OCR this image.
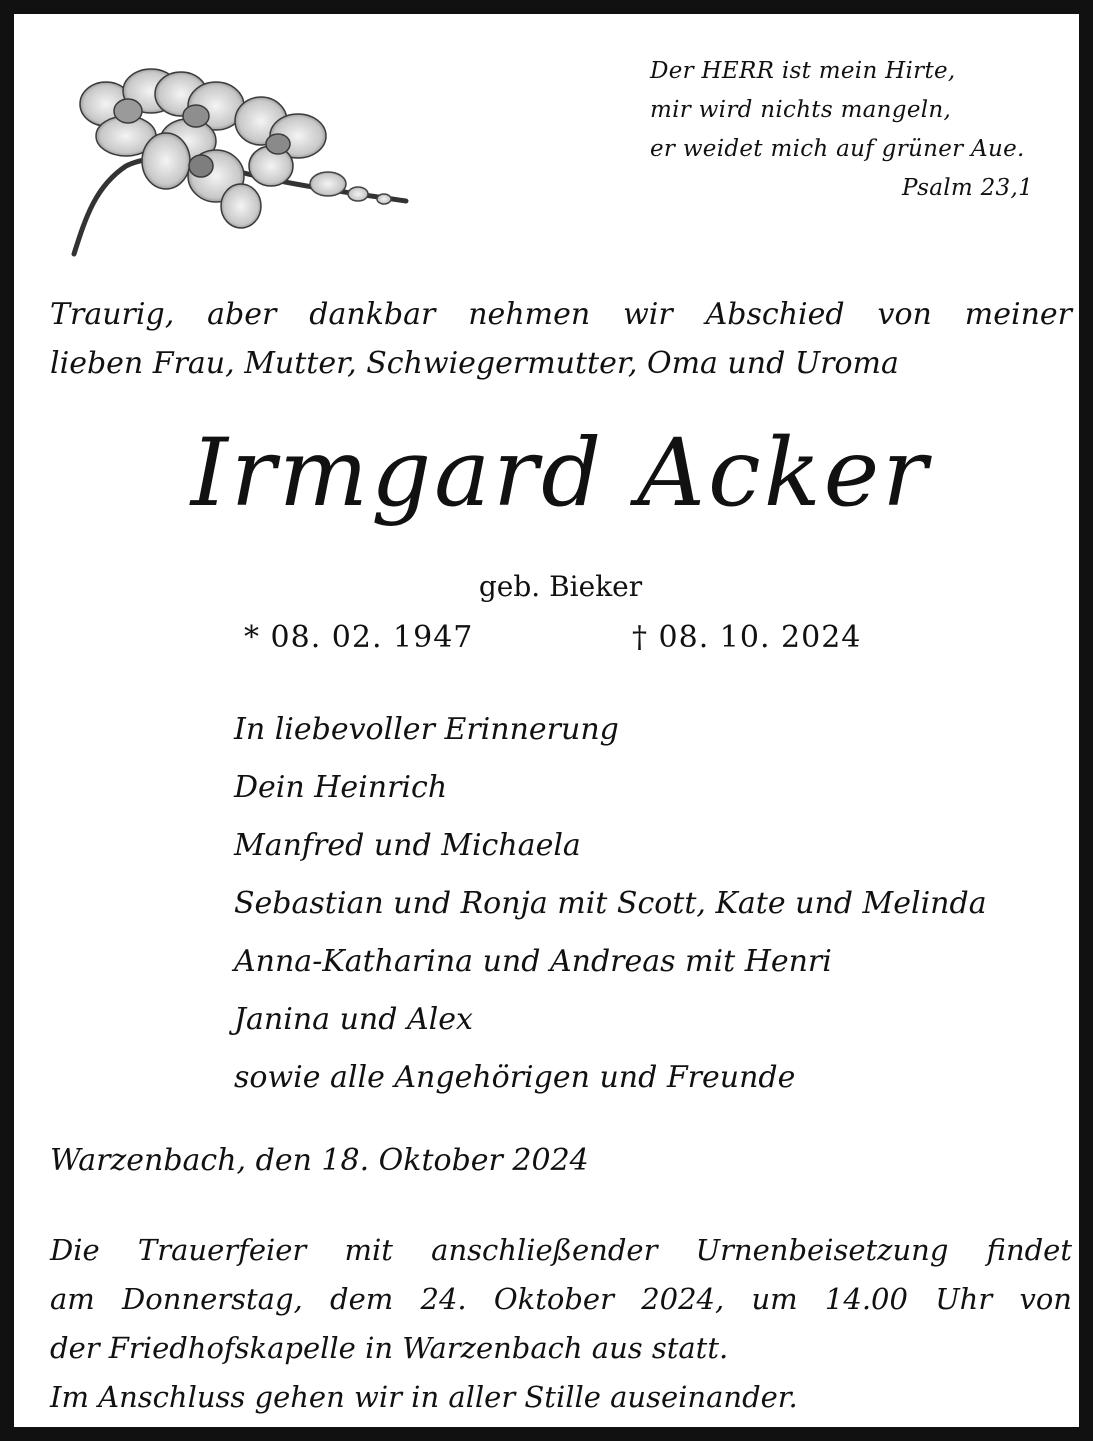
Der HERR ist mein Hirte,
mir wird nichts mangeln,
er weidet mich auf grüner Aue.
Psalm 23,1
Traurig, aber dankbar nehmen wir Abschied von meiner
lieben Frau, Mutter, Schwiegermutter, Oma und Uroma
Irmgard Acker
geb. Bieker
* 08. 02. 1947	† 08. 10. 2024
In liebevoller Erinnerung
Dein Heinrich
Manfred und Michaela
Sebastian und Ronja mit Scott, Kate und Melinda
Anna-Katharina und Andreas mit Henri
Janina und Alex
sowie alle Angehörigen und Freunde
Warzenbach, den 18. Oktober 2024
Die Trauerfeier mit anschließender Urnenbeisetzung findet
am Donnerstag, dem 24. Oktober 2024, um 14.00 Uhr von
der Friedhofskapelle in Warzenbach aus statt.
Im Anschluss gehen wir in aller Stille auseinander.
